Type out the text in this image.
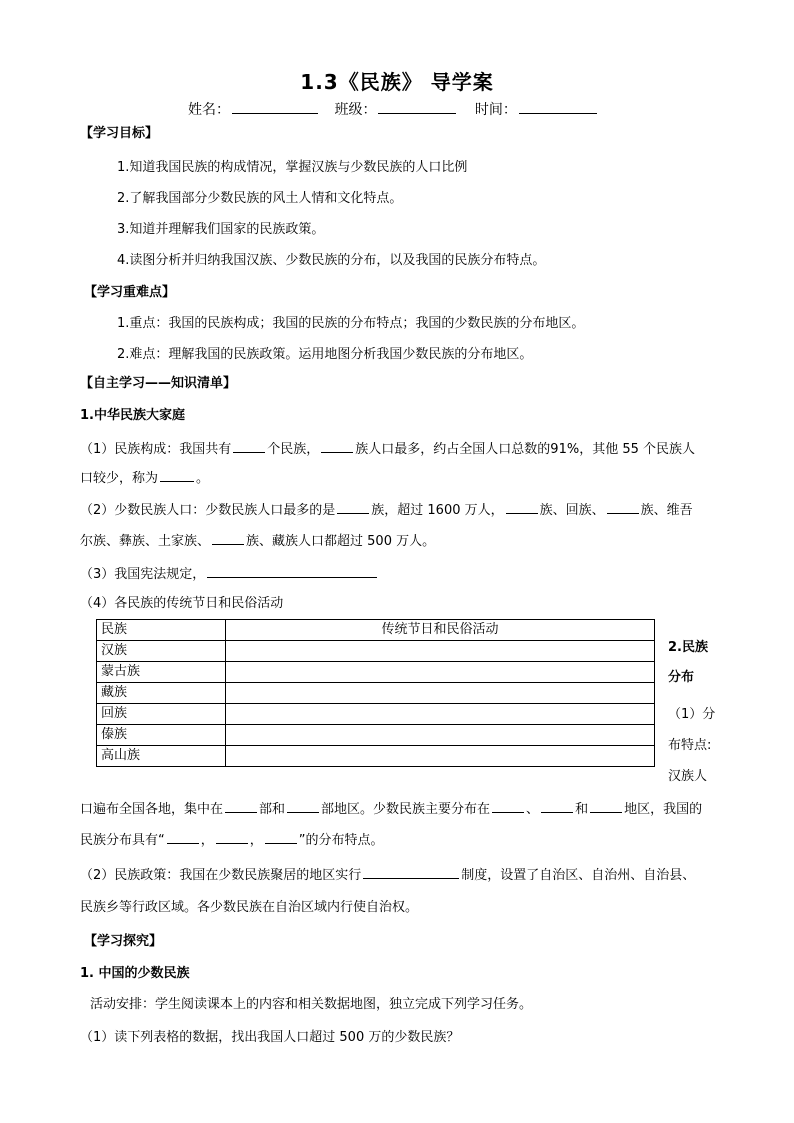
1.3《民族》 导学案
姓名：	班级：	时间：
【学习目标】
1.知道我国民族的构成情况，掌握汉族与少数民族的人口比例
2.了解我国部分少数民族的风土人情和文化特点。
3.知道并理解我们国家的民族政策。
4.读图分析并归纳我国汉族、少数民族的分布，以及我国的民族分布特点。
【学习重难点】
1.重点：我国的民族构成；我国的民族的分布特点；我国的少数民族的分布地区。
2.难点：理解我国的民族政策。运用地图分析我国少数民族的分布地区。
【自主学习——知识清单】
1.中华民族大家庭
（1）民族构成：我国共有	个民族，	族人口最多，约占全国人口总数的91%，其他 55 个民族人
口较少，称为	。
（2）少数民族人口：少数民族人口最多的是	族，超过 1600 万人，	族、回族、	族、维吾
尔族、彝族、土家族、	族、藏族人口都超过 500 万人。
（3）我国宪法规定，
（4）各民族的传统节日和民俗活动
民族	传统节日和民俗活动
汉族	
蒙古族	
藏族	
回族	
傣族	
高山族	
2.民族
分布
（1）分
布特点:
汉族人
口遍布全国各地，集中在	部和	部地区。少数民族主要分布在	、	和	地区，我国的
民族分布具有“	，	，	”的分布特点。
（2）民族政策：我国在少数民族聚居的地区实行	制度，设置了自治区、自治州、自治县、
民族乡等行政区域。各少数民族在自治区域内行使自治权。
【学习探究】
1. 中国的少数民族
活动安排：学生阅读课本上的内容和相关数据地图，独立完成下列学习任务。
（1）读下列表格的数据，找出我国人口超过 500 万的少数民族？
